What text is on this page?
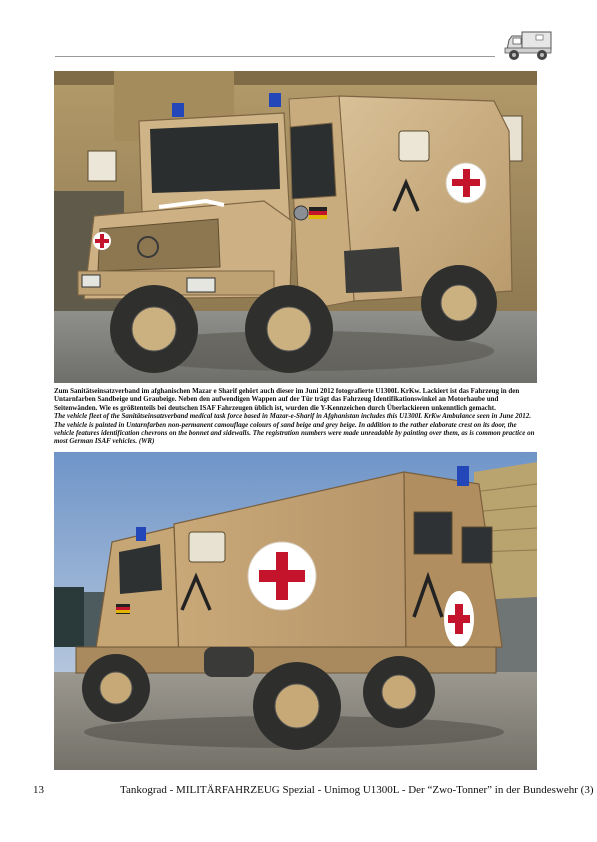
Zum Sanitätseinsatzverband im afghanischen Mazar e Sharif gehört auch dieser im Juni 2012 fotografierte U1300L KrKw. Lackiert ist das Fahrzeug in den Untarnfarben Sandbeige und Graubeige. Neben den aufwendigen Wappen auf der Tür trägt das Fahrzeug Identifikationswinkel an Motorhaube und Seitenwänden. Wie es größtenteils bei deutschen ISAF Fahrzeugen üblich ist, wurden die Y-Kennzeichen durch Überlackieren unkenntlich gemacht.

The vehicle fleet of the Sanitätseinsatzverband medical task force based in Mazar-e-Sharif in Afghanistan includes this U1300L KrKw Ambulance seen in June 2012. The vehicle is painted in Untarnfarben non-permanent camouflage colours of sand beige and grey beige. In addition to the rather elaborate crest on its door, the vehicle features identification chevrons on the bonnet and sidewalls. The registration numbers were made unreadable by painting over them, as is common practice on most German ISAF vehicles. (WR)

13	Tankograd - MILITÄRFAHRZEUG Spezial - Unimog U1300L - Der “Zwo-Tonner” in der Bundeswehr (3)
